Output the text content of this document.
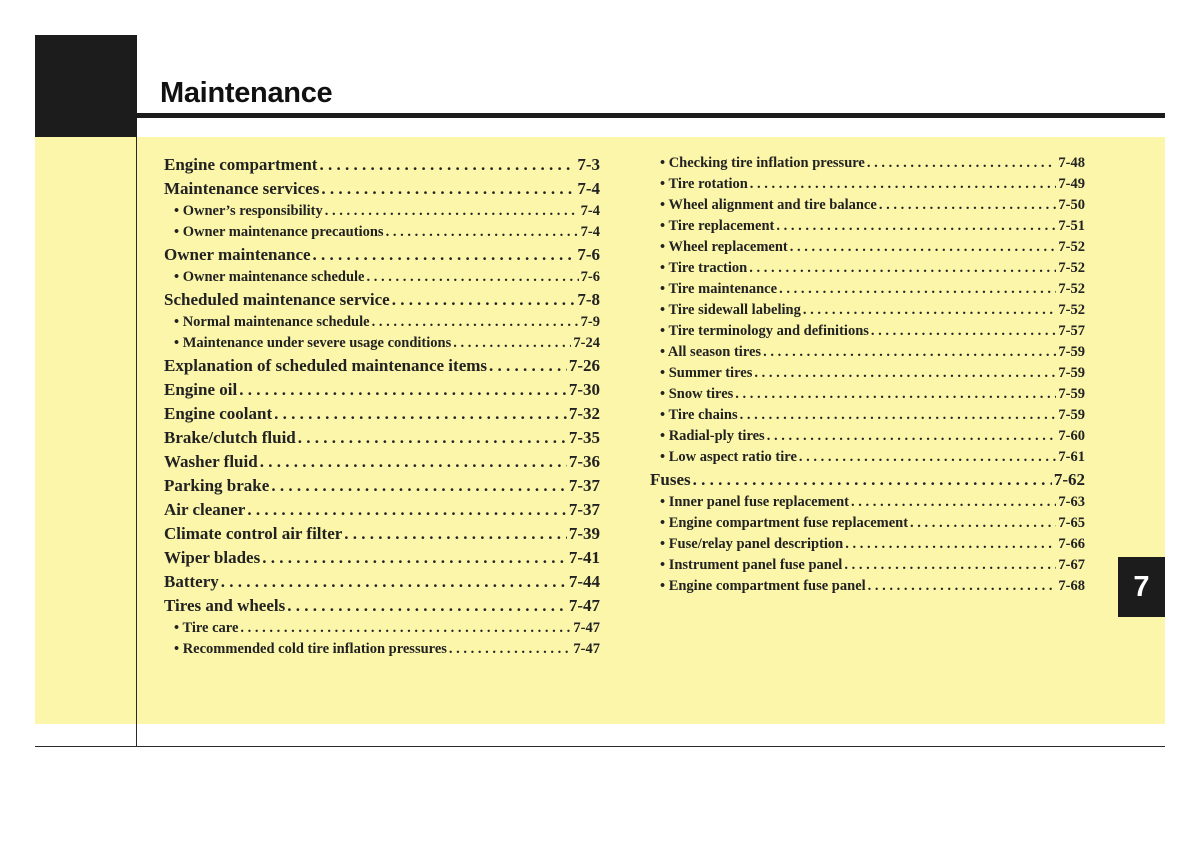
Maintenance
7
Engine compartment . . .	7-3
Maintenance services . . .	7-4
• Owner’s responsibility . . .	7-4
• Owner maintenance precautions . . .	7-4
Owner maintenance . . .	7-6
• Owner maintenance schedule . . .	7-6
Scheduled maintenance service . . .	7-8
• Normal maintenance schedule . . .	7-9
• Maintenance under severe usage conditions . . .	7-24
Explanation of scheduled maintenance items . . .	7-26
Engine oil . . .	7-30
Engine coolant . . .	7-32
Brake/clutch fluid . . .	7-35
Washer fluid . . .	7-36
Parking brake . . .	7-37
Air cleaner . . .	7-37
Climate control air filter . . .	7-39
Wiper blades . . .	7-41
Battery . . .	7-44
Tires and wheels . . .	7-47
• Tire care . . .	7-47
• Recommended cold tire inflation pressures . . .	7-47
• Checking tire inflation pressure . . .	7-48
• Tire rotation . . .	7-49
• Wheel alignment and tire balance . . .	7-50
• Tire replacement . . .	7-51
• Wheel replacement . . .	7-52
• Tire traction . . .	7-52
• Tire maintenance . . .	7-52
• Tire sidewall labeling . . .	7-52
• Tire terminology and definitions . . .	7-57
• All season tires . . .	7-59
• Summer tires . . .	7-59
• Snow tires . . .	7-59
• Tire chains . . .	7-59
• Radial-ply tires . . .	7-60
• Low aspect ratio tire . . .	7-61
Fuses . . .	7-62
• Inner panel fuse replacement . . .	7-63
• Engine compartment fuse replacement . . .	7-65
• Fuse/relay panel description . . .	7-66
• Instrument panel fuse panel . . .	7-67
• Engine compartment fuse panel . . .	7-68
